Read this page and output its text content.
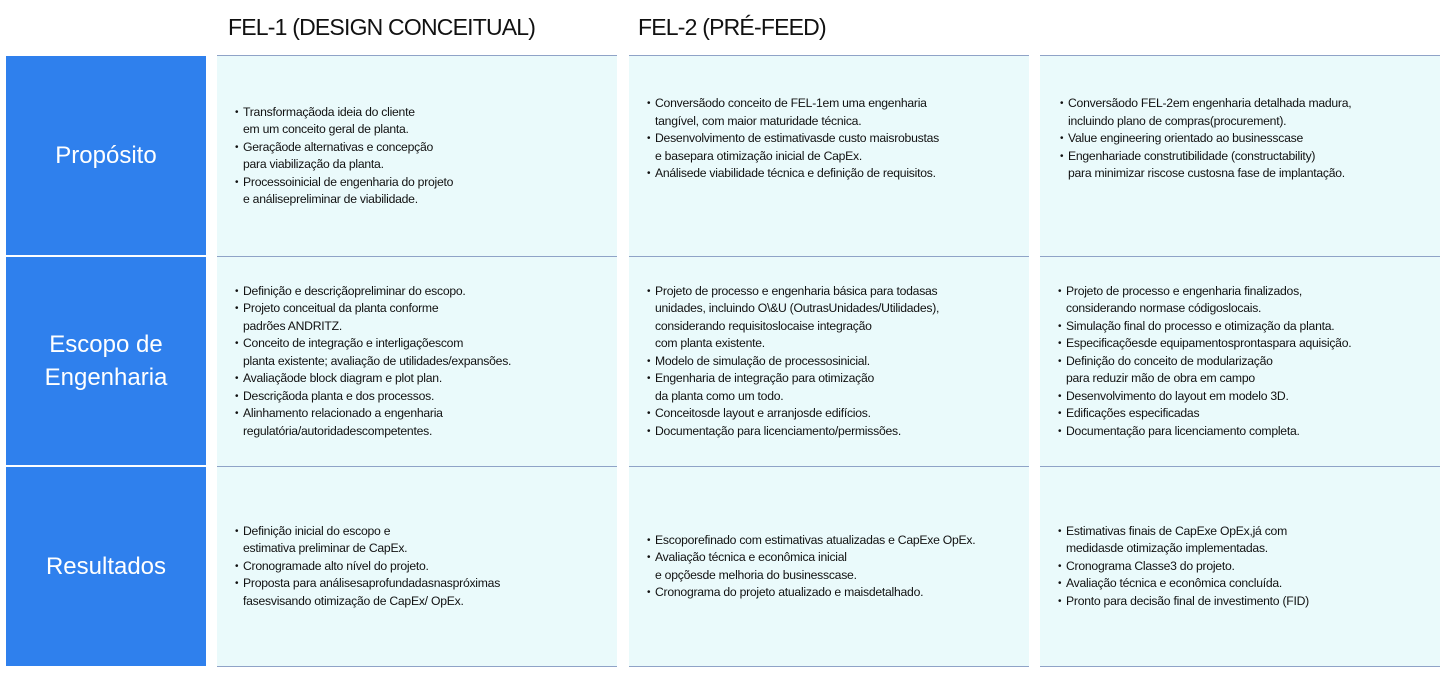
FEL-1 (DESIGN CONCEITUAL)	FEL-2 (PRÉ-FEED)
Propósito
Escopo de
Engenharia
Resultados
• Transformaçãoda ideia do cliente
em um conceito geral de planta.
• Geraçãode alternativas e concepção
para viabilização da planta.
• Processoinicial de engenharia do projeto
e análisepreliminar de viabilidade.
• Conversãodo conceito de FEL-1em uma engenharia
tangível, com maior maturidade técnica.
• Desenvolvimento de estimativasde custo maisrobustas
e basepara otimização inicial de CapEx.
• Análisede viabilidade técnica e definição de requisitos.
• Conversãodo FEL-2em engenharia detalhada madura,
incluindo plano de compras(procurement).
• Value engineering orientado ao businesscase
• Engenhariade construtibilidade (constructability)
para minimizar riscose custosna fase de implantação.
• Definição e descriçãopreliminar do escopo.
• Projeto conceitual da planta conforme
padrões ANDRITZ.
• Conceito de integração e interligaçõescom
planta existente; avaliação de utilidades/expansões.
• Avaliaçãode block diagram e plot plan.
• Descriçãoda planta e dos processos.
• Alinhamento relacionado a engenharia
regulatória/autoridadescompetentes.
• Projeto de processo e engenharia básica para todasas
unidades, incluindo O\&U (OutrasUnidades/Utilidades),
considerando requisitoslocaise integração
com planta existente.
• Modelo de simulação de processosinicial.
• Engenharia de integração para otimização
da planta como um todo.
• Conceitosde layout e arranjosde edifícios.
• Documentação para licenciamento/permissões.
• Projeto de processo e engenharia finalizados,
considerando normase códigoslocais.
• Simulação final do processo e otimização da planta.
• Especificaçõesde equipamentosprontaspara aquisição.
• Definição do conceito de modularização
para reduzir mão de obra em campo
• Desenvolvimento do layout em modelo 3D.
• Edificações especificadas
• Documentação para licenciamento completa.
• Definição inicial do escopo e
estimativa preliminar de CapEx.
• Cronogramade alto nível do projeto.
• Proposta para análisesaprofundadasnaspróximas
fasesvisando otimização de CapEx/ OpEx.
• Escoporefinado com estimativas atualizadas e CapExe OpEx.
• Avaliação técnica e econômica inicial
e opçõesde melhoria do businesscase.
• Cronograma do projeto atualizado e maisdetalhado.
• Estimativas finais de CapExe OpEx,já com
medidasde otimização implementadas.
• Cronograma Classe3 do projeto.
• Avaliação técnica e econômica concluída.
• Pronto para decisão final de investimento (FID)
